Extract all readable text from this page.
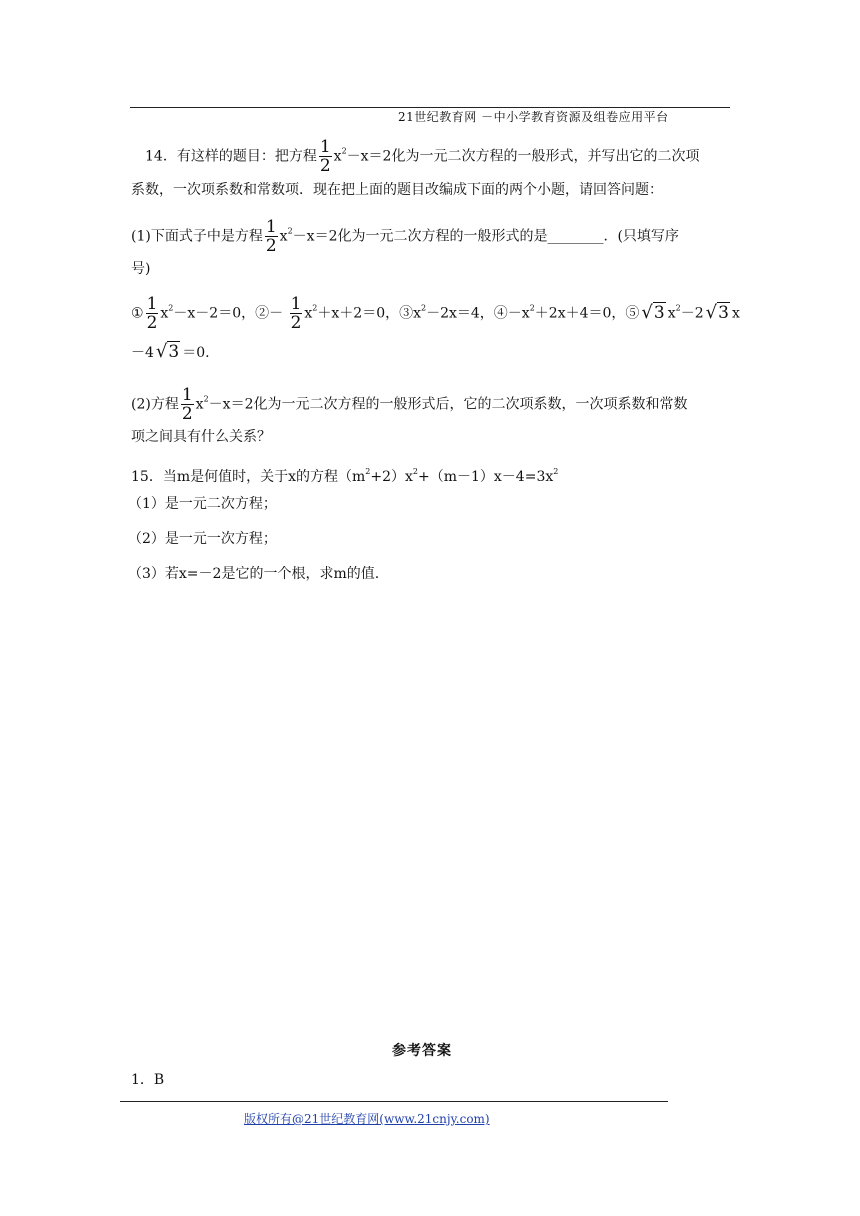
21世纪教育网 －中小学教育资源及组卷应用平台
14．有这样的题目：把方程 $\frac{1}{2} x^2-x=2$化为一元二次方程的一般形式，并写出它的二次项
系数，一次项系数和常数项．现在把上面的题目改编成下面的两个小题，请回答问题：
(1)下面式子中是方程 $\frac{1}{2} x^2-x=2$化为一元二次方程的一般形式的是________．(只填写序
号)
① $\frac{1}{2} x^2-x-2=0$，②－ $\frac{1}{2} x^2+x+2=0$，$③x^2-2x=4$，$④-x^2+2x+4=0$，⑤ √3 $x^2-2$ √3 x
－4 √3 ＝0.
(2)方程 $\frac{1}{2} x^2-x=2$化为一元二次方程的一般形式后，它的二次项系数，一次项系数和常数
项之间具有什么关系？
15．当m是何值时，关于x的方程$(m^2+2)x^2+(m-1)x-4=3x^2$
（1）是一元二次方程；
（2）是一元一次方程；
（3）若x=－2是它的一个根，求m的值.
参考答案
1．B
版权所有@21世纪教育网(www.21cnjy.com)
